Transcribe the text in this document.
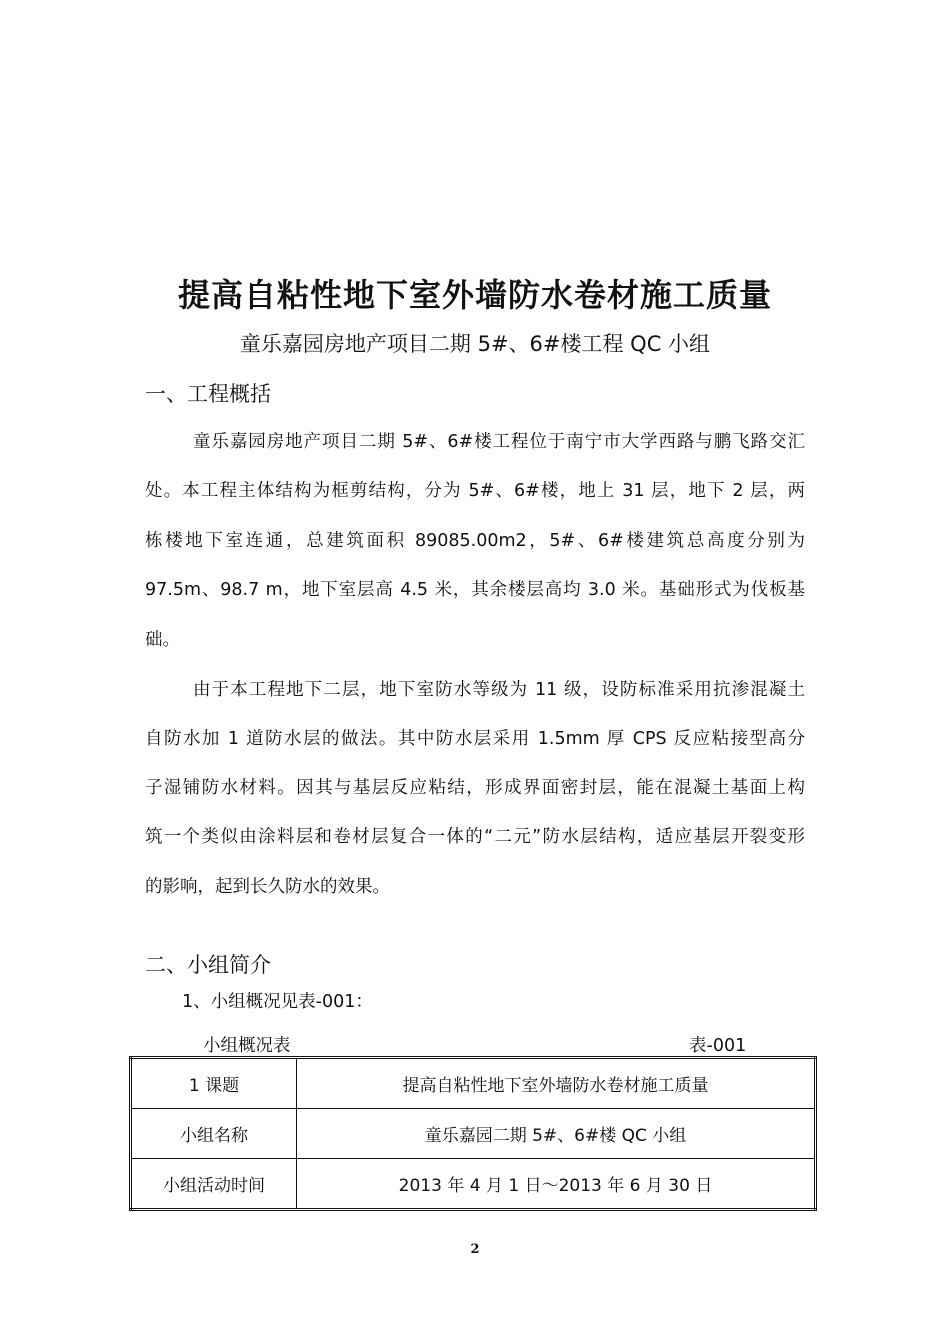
提高自粘性地下室外墙防水卷材施工质量
童乐嘉园房地产项目二期 5#、6#楼工程 QC 小组
一、工程概括
童乐嘉园房地产项目二期 5#、6#楼工程位于南宁市大学西路与鹏飞路交汇
处。本工程主体结构为框剪结构，分为 5#、6#楼，地上 31 层，地下 2 层，两
栋楼地下室连通，总建筑面积 89085.00m2，5#、6#楼建筑总高度分别为
97.5m、98.7 m，地下室层高 4.5 米，其余楼层高均 3.0 米。基础形式为伐板基
础。
由于本工程地下二层，地下室防水等级为 11 级，设防标准采用抗渗混凝土
自防水加 1 道防水层的做法。其中防水层采用 1.5mm 厚 CPS 反应粘接型高分
子湿铺防水材料。因其与基层反应粘结，形成界面密封层，能在混凝土基面上构
筑一个类似由涂料层和卷材层复合一体的“二元”防水层结构，适应基层开裂变形
的影响，起到长久防水的效果。
二、小组简介
1、小组概况见表-001：
小组概况表	表-001
1 课题	提高自粘性地下室外墙防水卷材施工质量
小组名称	童乐嘉园二期 5#、6#楼 QC 小组
小组活动时间	2013 年 4 月 1 日～2013 年 6 月 30 日
2
